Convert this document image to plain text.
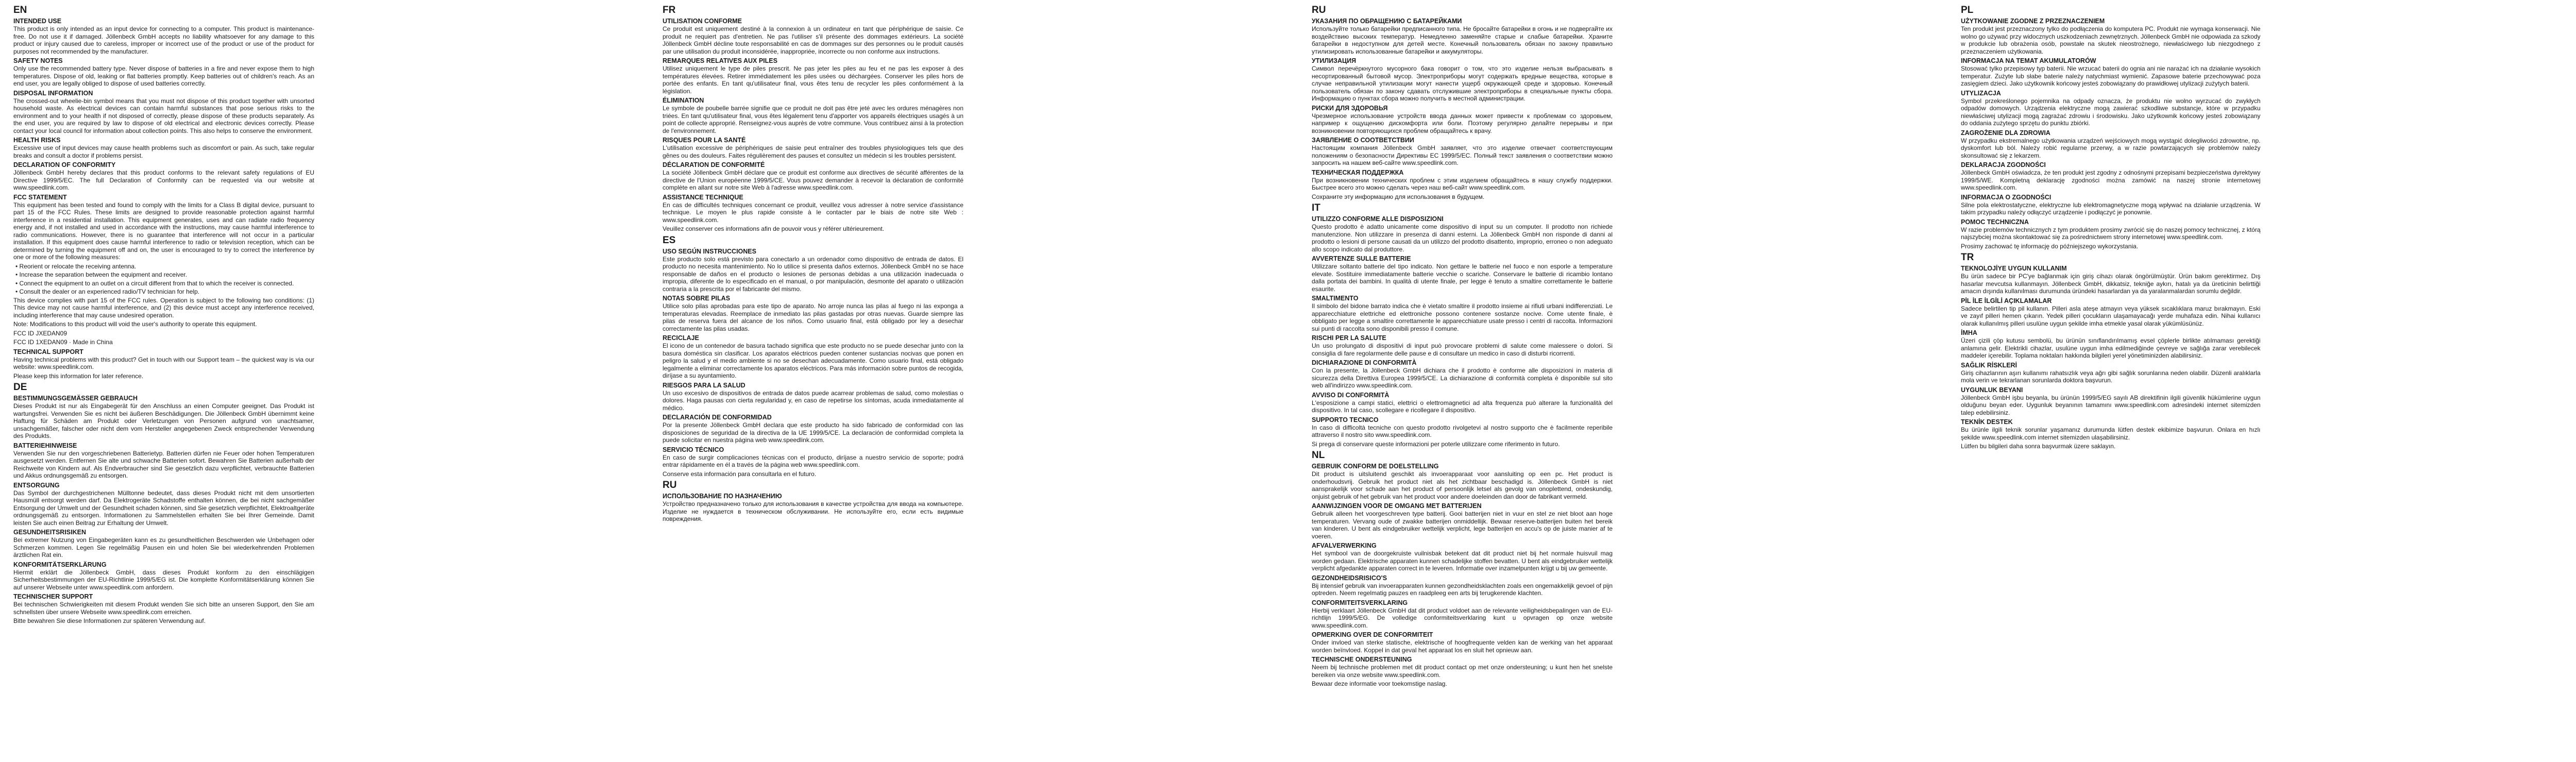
EN
INTENDED USE
This product is only intended as an input device for connecting to a computer. This product is maintenance-free. Do not use it if damaged. Jöllenbeck GmbH accepts no liability whatsoever for any damage to this product or injury caused due to careless, improper or incorrect use of the product or use of the product for purposes not recommended by the manufacturer.
SAFETY NOTES
Only use the recommended battery type. Never dispose of batteries in a fire and never expose them to high temperatures. Dispose of old, leaking or flat batteries promptly. Keep batteries out of children's reach. As an end user, you are legally obliged to dispose of used batteries correctly.
DISPOSAL INFORMATION
The crossed-out wheelie-bin symbol means that you must not dispose of this product together with unsorted household waste. As electrical devices can contain harmful substances that pose serious risks to the environment and to your health if not disposed of correctly, please dispose of these products separately. As the end user, you are required by law to dispose of old electrical and electronic devices correctly. Please contact your local council for information about collection points. This also helps to conserve the environment.
HEALTH RISKS
Excessive use of input devices may cause health problems such as discomfort or pain. As such, take regular breaks and consult a doctor if problems persist.
DECLARATION OF CONFORMITY
Jöllenbeck GmbH hereby declares that this product conforms to the relevant safety regulations of EU Directive 1999/5/EC. The full Declaration of Conformity can be requested via our website at www.speedlink.com.
FCC STATEMENT
This equipment has been tested and found to comply with the limits for a Class B digital device, pursuant to part 15 of the FCC Rules. These limits are designed to provide reasonable protection against harmful interference in a residential installation. This equipment generates, uses and can radiate radio frequency energy and, if not installed and used in accordance with the instructions, may cause harmful interference to radio communications. However, there is no guarantee that interference will not occur in a particular installation. If this equipment does cause harmful interference to radio or television reception, which can be determined by turning the equipment off and on, the user is encouraged to try to correct the interference by one or more of the following measures:
• Reorient or relocate the receiving antenna.
• Increase the separation between the equipment and receiver.
• Connect the equipment to an outlet on a circuit different from that to which the receiver is connected.
• Consult the dealer or an experienced radio/TV technician for help.
This device complies with part 15 of the FCC rules. Operation is subject to the following two conditions: (1) This device may not cause harmful interference, and (2) this device must accept any interference received, including interference that may cause undesired operation.
Note: Modifications to this product will void the user's authority to operate this equipment.
FCC ID JXEDAN09
FCC ID 1XEDAN09 · Made in China
TECHNICAL SUPPORT
Having technical problems with this product? Get in touch with our Support team – the quickest way is via our website: www.speedlink.com.
Please keep this information for later reference.
DE
BESTIMMUNGSGEMÄSSER GEBRAUCH
Dieses Produkt ist nur als Eingabegerät für den Anschluss an einen Computer geeignet. Das Produkt ist wartungsfrei. Verwenden Sie es nicht bei äußeren Beschädigungen. Die Jöllenbeck GmbH übernimmt keine Haftung für Schäden am Produkt oder Verletzungen von Personen aufgrund von unachtsamer, unsachgemäßer, falscher oder nicht dem vom Hersteller angegebenen Zweck entsprechender Verwendung des Produkts.
BATTERIEHINWEISE
Verwenden Sie nur den vorgeschriebenen Batterietyp. Batterien dürfen nie Feuer oder hohen Temperaturen ausgesetzt werden. Entfernen Sie alte und schwache Batterien sofort. Bewahren Sie Batterien außerhalb der Reichweite von Kindern auf. Als Endverbraucher sind Sie gesetzlich dazu verpflichtet, verbrauchte Batterien und Akkus ordnungsgemäß zu entsorgen.
ENTSORGUNG
Das Symbol der durchgestrichenen Mülltonne bedeutet, dass dieses Produkt nicht mit dem unsortierten Hausmüll entsorgt werden darf. Da Elektrogeräte Schadstoffe enthalten können, die bei nicht sachgemäßer Entsorgung der Umwelt und der Gesundheit schaden können, sind Sie gesetzlich verpflichtet, Elektroaltgeräte ordnungsgemäß zu entsorgen. Informationen zu Sammelstellen erhalten Sie bei Ihrer Gemeinde. Damit leisten Sie auch einen Beitrag zur Erhaltung der Umwelt.
GESUNDHEITSRISIKEN
Bei extremer Nutzung von Eingabegeräten kann es zu gesundheitlichen Beschwerden wie Unbehagen oder Schmerzen kommen. Legen Sie regelmäßig Pausen ein und holen Sie bei wiederkehrenden Problemen ärztlichen Rat ein.
KONFORMITÄTSERKLÄRUNG
Hiermit erklärt die Jöllenbeck GmbH, dass dieses Produkt konform zu den einschlägigen Sicherheitsbestimmungen der EU-Richtlinie 1999/5/EG ist. Die komplette Konformitätserklärung können Sie auf unserer Webseite unter www.speedlink.com anfordern.
TECHNISCHER SUPPORT
Bei technischen Schwierigkeiten mit diesem Produkt wenden Sie sich bitte an unseren Support, den Sie am schnellsten über unsere Webseite www.speedlink.com erreichen.
Bitte bewahren Sie diese Informationen zur späteren Verwendung auf.
FR
UTILISATION CONFORME
Ce produit est uniquement destiné à la connexion à un ordinateur en tant que périphérique de saisie. Ce produit ne requiert pas d'entretien. Ne pas l'utiliser s'il présente des dommages extérieurs. La société Jöllenbeck GmbH décline toute responsabilité en cas de dommages sur des personnes ou le produit causés par une utilisation du produit inconsidérée, inappropriée, incorrecte ou non conforme aux instructions.
REMARQUES RELATIVES AUX PILES
Utilisez uniquement le type de piles prescrit. Ne pas jeter les piles au feu et ne pas les exposer à des températures élevées. Retirer immédiatement les piles usées ou déchargées. Conserver les piles hors de portée des enfants. En tant qu'utilisateur final, vous êtes tenu de recycler les piles conformément à la législation.
ÉLIMINATION
Le symbole de poubelle barrée signifie que ce produit ne doit pas être jeté avec les ordures ménagères non triées. En tant qu'utilisateur final, vous êtes légalement tenu d'apporter vos appareils électriques usagés à un point de collecte approprié. Renseignez-vous auprès de votre commune. Vous contribuez ainsi à la protection de l'environnement.
RISQUES POUR LA SANTÉ
L'utilisation excessive de périphériques de saisie peut entraîner des troubles physiologiques tels que des gênes ou des douleurs. Faites régulièrement des pauses et consultez un médecin si les troubles persistent.
DÉCLARATION DE CONFORMITÉ
La société Jöllenbeck GmbH déclare que ce produit est conforme aux directives de sécurité afférentes de la directive de l'Union européenne 1999/5/CE. Vous pouvez demander à recevoir la déclaration de conformité complète en allant sur notre site Web à l'adresse www.speedlink.com.
ASSISTANCE TECHNIQUE
En cas de difficultés techniques concernant ce produit, veuillez vous adresser à notre service d'assistance technique. Le moyen le plus rapide consiste à le contacter par le biais de notre site Web : www.speedlink.com.
Veuillez conserver ces informations afin de pouvoir vous y référer ultérieurement.
ES
USO SEGÚN INSTRUCCIONES
Este producto solo está previsto para conectarlo a un ordenador como dispositivo de entrada de datos. El producto no necesita mantenimiento. No lo utilice si presenta daños externos. Jöllenbeck GmbH no se hace responsable de daños en el producto o lesiones de personas debidas a una utilización inadecuada o impropia, diferente de lo especificado en el manual, o por manipulación, desmonte del aparato o utilización contraria a la prescrita por el fabricante del mismo.
NOTAS SOBRE PILAS
Utilice solo pilas aprobadas para este tipo de aparato. No arroje nunca las pilas al fuego ni las exponga a temperaturas elevadas. Reemplace de inmediato las pilas gastadas por otras nuevas. Guarde siempre las pilas de reserva fuera del alcance de los niños. Como usuario final, está obligado por ley a desechar correctamente las pilas usadas.
RECICLAJE
El icono de un contenedor de basura tachado significa que este producto no se puede desechar junto con la basura doméstica sin clasificar. Los aparatos eléctricos pueden contener sustancias nocivas que ponen en peligro la salud y el medio ambiente si no se desechan adecuadamente. Como usuario final, está obligado legalmente a eliminar correctamente los aparatos eléctricos. Para más información sobre puntos de recogida, diríjase a su ayuntamiento.
RIESGOS PARA LA SALUD
Un uso excesivo de dispositivos de entrada de datos puede acarrear problemas de salud, como molestias o dolores. Haga pausas con cierta regularidad y, en caso de repetirse los síntomas, acuda inmediatamente al médico.
DECLARACIÓN DE CONFORMIDAD
Por la presente Jöllenbeck GmbH declara que este producto ha sido fabricado de conformidad con las disposiciones de seguridad de la directiva de la UE 1999/5/CE. La declaración de conformidad completa la puede solicitar en nuestra página web www.speedlink.com.
SERVICIO TÉCNICO
En caso de surgir complicaciones técnicas con el producto, diríjase a nuestro servicio de soporte; podrá entrar rápidamente en él a través de la página web www.speedlink.com.
Conserve esta información para consultarla en el futuro.
RU
ИСПОЛЬЗОВАНИЕ ПО НАЗНАЧЕНИЮ
Устройство предназначено только для использования в качестве устройства для ввода на компьютере. Изделие не нуждается в техническом обслуживании. Не используйте его, если есть видимые повреждения.
RU
УКАЗАНИЯ ПО ОБРАЩЕНИЮ С БАТАРЕЙКАМИ
Используйте только батарейки предписанного типа. Не бросайте батарейки в огонь и не подвергайте их воздействию высоких температур. Немедленно заменяйте старые и слабые батарейки. Храните батарейки в недоступном для детей месте. Конечный пользователь обязан по закону правильно утилизировать использованные батарейки и аккумуляторы.
УТИЛИЗАЦИЯ
Символ перечёркнутого мусорного бака говорит о том, что это изделие нельзя выбрасывать в несортированный бытовой мусор. Электроприборы могут содержать вредные вещества, которые в случае неправильной утилизации могут нанести ущерб окружающей среде и здоровью. Конечный пользователь обязан по закону сдавать отслужившие электроприборы в специальные пункты сбора. Информацию о пунктах сбора можно получить в местной администрации.
РИСКИ ДЛЯ ЗДОРОВЬЯ
Чрезмерное использование устройств ввода данных может привести к проблемам со здоровьем, например к ощущению дискомфорта или боли. Поэтому регулярно делайте перерывы и при возникновении повторяющихся проблем обращайтесь к врачу.
ЗАЯВЛЕНИЕ О СООТВЕТСТВИИ
Настоящим компания Jöllenbeck GmbH заявляет, что это изделие отвечает соответствующим положениям о безопасности Директивы ЕС 1999/5/EC. Полный текст заявления о соответствии можно запросить на нашем веб-сайте www.speedlink.com.
ТЕХНИЧЕСКАЯ ПОДДЕРЖКА
При возникновении технических проблем с этим изделием обращайтесь в нашу службу поддержки. Быстрее всего это можно сделать через наш веб-сайт www.speedlink.com.
Сохраните эту информацию для использования в будущем.
IT
UTILIZZO CONFORME ALLE DISPOSIZIONI
Questo prodotto è adatto unicamente come dispositivo di input su un computer. Il prodotto non richiede manutenzione. Non utilizzare in presenza di danni esterni. La Jöllenbeck GmbH non risponde di danni al prodotto o lesioni di persone causati da un utilizzo del prodotto disattento, improprio, erroneo o non adeguato allo scopo indicato dal produttore.
AVVERTENZE SULLE BATTERIE
Utilizzare soltanto batterie del tipo indicato. Non gettare le batterie nel fuoco e non esporle a temperature elevate. Sostituire immediatamente batterie vecchie o scariche. Conservare le batterie di ricambio lontano dalla portata dei bambini. In qualità di utente finale, per legge è tenuto a smaltire correttamente le batterie esaurite.
SMALTIMENTO
Il simbolo del bidone barrato indica che è vietato smaltire il prodotto insieme ai rifiuti urbani indifferenziati. Le apparecchiature elettriche ed elettroniche possono contenere sostanze nocive. Come utente finale, è obbligato per legge a smaltire correttamente le apparecchiature usate presso i centri di raccolta. Informazioni sui punti di raccolta sono disponibili presso il comune.
RISCHI PER LA SALUTE
Un uso prolungato di dispositivi di input può provocare problemi di salute come malessere o dolori. Si consiglia di fare regolarmente delle pause e di consultare un medico in caso di disturbi ricorrenti.
DICHIARAZIONE DI CONFORMITÀ
Con la presente, la Jöllenbeck GmbH dichiara che il prodotto è conforme alle disposizioni in materia di sicurezza della Direttiva Europea 1999/5/CE. La dichiarazione di conformità completa è disponibile sul sito web all'indirizzo www.speedlink.com.
AVVISO DI CONFORMITÀ
L'esposizione a campi statici, elettrici o elettromagnetici ad alta frequenza può alterare la funzionalità del dispositivo. In tal caso, scollegare e ricollegare il dispositivo.
SUPPORTO TECNICO
In caso di difficoltà tecniche con questo prodotto rivolgetevi al nostro supporto che è facilmente reperibile attraverso il nostro sito www.speedlink.com.
Si prega di conservare queste informazioni per poterle utilizzare come riferimento in futuro.
NL
GEBRUIK CONFORM DE DOELSTELLING
Dit product is uitsluitend geschikt als invoerapparaat voor aansluiting op een pc. Het product is onderhoudsvrij. Gebruik het product niet als het zichtbaar beschadigd is. Jöllenbeck GmbH is niet aansprakelijk voor schade aan het product of persoonlijk letsel als gevolg van onoplettend, ondeskundig, onjuist gebruik of het gebruik van het product voor andere doeleinden dan door de fabrikant vermeld.
AANWIJZINGEN VOOR DE OMGANG MET BATTERIJEN
Gebruik alleen het voorgeschreven type batterij. Gooi batterijen niet in vuur en stel ze niet bloot aan hoge temperaturen. Vervang oude of zwakke batterijen onmiddellijk. Bewaar reserve-batterijen buiten het bereik van kinderen. U bent als eindgebruiker wettelijk verplicht, lege batterijen en accu's op de juiste manier af te voeren.
AFVALVERWERKING
Het symbool van de doorgekruiste vuilnisbak betekent dat dit product niet bij het normale huisvuil mag worden gedaan. Elektrische apparaten kunnen schadelijke stoffen bevatten. U bent als eindgebruiker wettelijk verplicht afgedankte apparaten correct in te leveren. Informatie over inzamelpunten krijgt u bij uw gemeente.
GEZONDHEIDSRISICO'S
Bij intensief gebruik van invoerapparaten kunnen gezondheidsklachten zoals een ongemakkelijk gevoel of pijn optreden. Neem regelmatig pauzes en raadpleeg een arts bij terugkerende klachten.
CONFORMITEITSVERKLARING
Hierbij verklaart Jöllenbeck GmbH dat dit product voldoet aan de relevante veiligheidsbepalingen van de EU-richtlijn 1999/5/EG. De volledige conformiteitsverklaring kunt u opvragen op onze website www.speedlink.com.
OPMERKING OVER DE CONFORMITEIT
Onder invloed van sterke statische, elektrische of hoogfrequente velden kan de werking van het apparaat worden beïnvloed. Koppel in dat geval het apparaat los en sluit het opnieuw aan.
TECHNISCHE ONDERSTEUNING
Neem bij technische problemen met dit product contact op met onze ondersteuning; u kunt hen het snelste bereiken via onze website www.speedlink.com.
Bewaar deze informatie voor toekomstige naslag.
PL
UŻYTKOWANIE ZGODNE Z PRZEZNACZENIEM
Ten produkt jest przeznaczony tylko do podłączenia do komputera PC. Produkt nie wymaga konserwacji. Nie wolno go używać przy widocznych uszkodzeniach zewnętrznych. Jöllenbeck GmbH nie odpowiada za szkody w produkcie lub obrażenia osób, powstałe na skutek nieostrożnego, niewłaściwego lub niezgodnego z przeznaczeniem użytkowania.
INFORMACJA NA TEMAT AKUMULATORÓW
Stosować tylko przepisowy typ baterii. Nie wrzucać baterii do ognia ani nie narażać ich na działanie wysokich temperatur. Zużyte lub słabe baterie należy natychmiast wymienić. Zapasowe baterie przechowywać poza zasięgiem dzieci. Jako użytkownik końcowy jesteś zobowiązany do prawidłowej utylizacji zużytych baterii.
UTYLIZACJA
Symbol przekreślonego pojemnika na odpady oznacza, że produktu nie wolno wyrzucać do zwykłych odpadów domowych. Urządzenia elektryczne mogą zawierać szkodliwe substancje, które w przypadku niewłaściwej utylizacji mogą zagrażać zdrowiu i środowisku. Jako użytkownik końcowy jesteś zobowiązany do oddania zużytego sprzętu do punktu zbiórki.
ZAGROŻENIE DLA ZDROWIA
W przypadku ekstremalnego użytkowania urządzeń wejściowych mogą wystąpić dolegliwości zdrowotne, np. dyskomfort lub ból. Należy robić regularne przerwy, a w razie powtarzających się problemów należy skonsultować się z lekarzem.
DEKLARACJA ZGODNOŚCI
Jöllenbeck GmbH oświadcza, że ten produkt jest zgodny z odnośnymi przepisami bezpieczeństwa dyrektywy 1999/5/WE. Kompletną deklarację zgodności można zamówić na naszej stronie internetowej www.speedlink.com.
INFORMACJA O ZGODNOŚCI
Silne pola elektrostatyczne, elektryczne lub elektromagnetyczne mogą wpływać na działanie urządzenia. W takim przypadku należy odłączyć urządzenie i podłączyć je ponownie.
POMOC TECHNICZNA
W razie problemów technicznych z tym produktem prosimy zwrócić się do naszej pomocy technicznej, z którą najszybciej można skontaktować się za pośrednictwem strony internetowej www.speedlink.com.
Prosimy zachować tę informację do późniejszego wykorzystania.
TR
TEKNOLOJİYE UYGUN KULLANIM
Bu ürün sadece bir PC'ye bağlanmak için giriş cihazı olarak öngörülmüştür. Ürün bakım gerektirmez. Dış hasarlar mevcutsa kullanmayın. Jöllenbeck GmbH, dikkatsiz, tekniğe aykırı, hatalı ya da üreticinin belirttiği amacın dışında kullanılması durumunda üründeki hasarlardan ya da yaralanmalardan sorumlu değildir.
PİL İLE İLGİLİ AÇIKLAMALAR
Sadece belirtilen tip pil kullanın. Pilleri asla ateşe atmayın veya yüksek sıcaklıklara maruz bırakmayın. Eski ve zayıf pilleri hemen çıkarın. Yedek pilleri çocukların ulaşamayacağı yerde muhafaza edin. Nihai kullanıcı olarak kullanılmış pilleri usulüne uygun şekilde imha etmekle yasal olarak yükümlüsünüz.
İMHA
Üzeri çizili çöp kutusu sembolü, bu ürünün sınıflandırılmamış evsel çöplerle birlikte atılmaması gerektiği anlamına gelir. Elektrikli cihazlar, usulüne uygun imha edilmediğinde çevreye ve sağlığa zarar verebilecek maddeler içerebilir. Toplama noktaları hakkında bilgileri yerel yönetiminizden alabilirsiniz.
SAĞLIK RİSKLERİ
Giriş cihazlarının aşırı kullanımı rahatsızlık veya ağrı gibi sağlık sorunlarına neden olabilir. Düzenli aralıklarla mola verin ve tekrarlanan sorunlarda doktora başvurun.
UYGUNLUK BEYANI
Jöllenbeck GmbH işbu beyanla, bu ürünün 1999/5/EG sayılı AB direktifinin ilgili güvenlik hükümlerine uygun olduğunu beyan eder. Uygunluk beyanının tamamını www.speedlink.com adresindeki internet sitemizden talep edebilirsiniz.
TEKNİK DESTEK
Bu ürünle ilgili teknik sorunlar yaşamanız durumunda lütfen destek ekibimize başvurun. Onlara en hızlı şekilde www.speedlink.com internet sitemizden ulaşabilirsiniz.
Lütfen bu bilgileri daha sonra başvurmak üzere saklayın.
